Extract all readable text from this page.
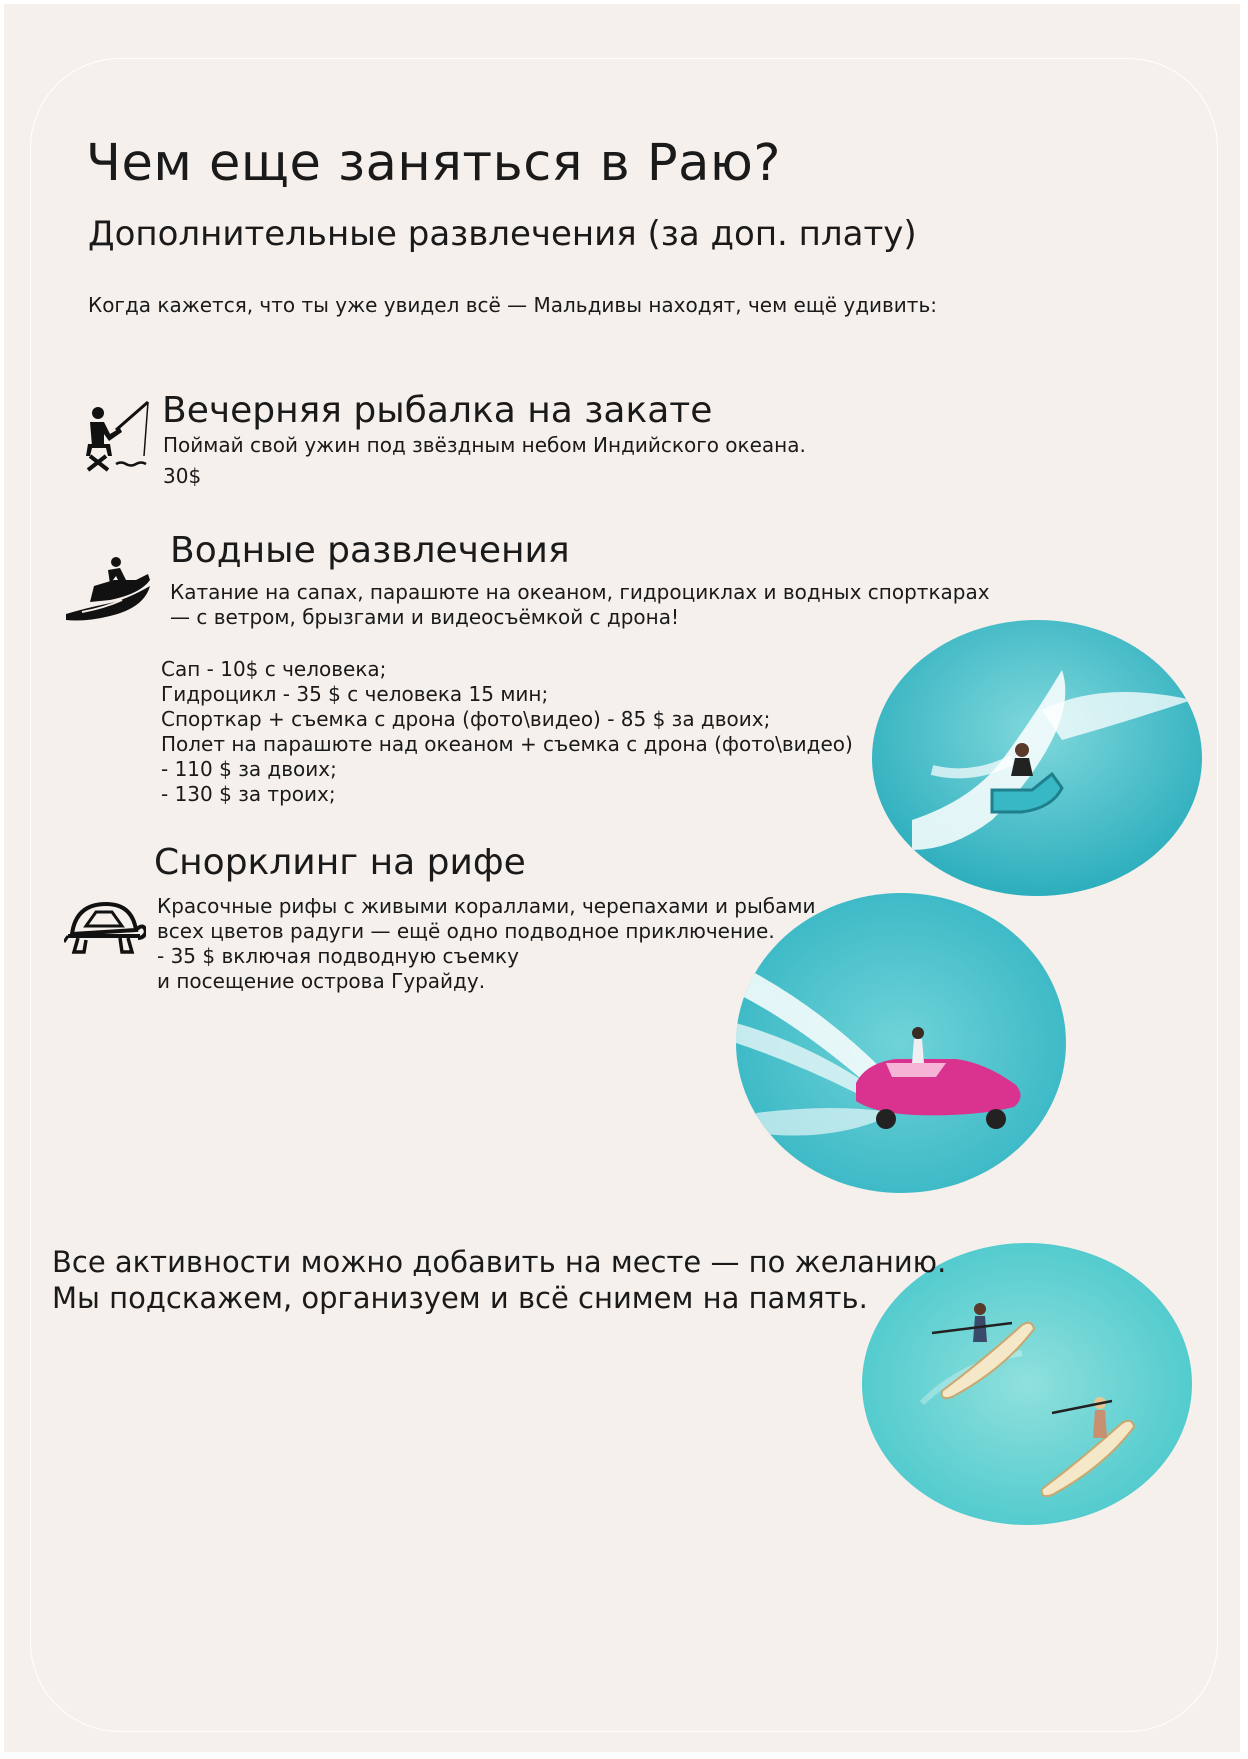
Чем еще заняться в Раю?
Дополнительные развлечения (за доп. плату)

Когда кажется, что ты уже увидел всё — Мальдивы находят, чем ещё удивить:

Вечерняя рыбалка на закате

Поймай свой ужин под звёздным небом Индийского океана.

30$

Водные развлечения

Катание на сапах, парашюте на океаном, гидроциклах и водных спорткарах

— с ветром, брызгами и видеосъёмкой с дрона!

Сап - 10$ с человека;
Гидроцикл - 35 $ с человека 15 мин;
Спорткар + съемка с дрона (фото\видео) - 85 $ за двоих;
Полет на парашюте над океаном + съемка с дрона (фото\видео)
- 110 $ за двоих;
- 130 $ за троих;
Снорклинг на рифе
Красочные рифы с живыми кораллами, черепахами и рыбами
всех цветов радуги — ещё одно подводное приключение.
- 35 $ включая подводную съемку
и посещение острова Гурайду.
Все активности можно добавить на месте — по желанию.
Мы подскажем, организуем и всё снимем на память.
